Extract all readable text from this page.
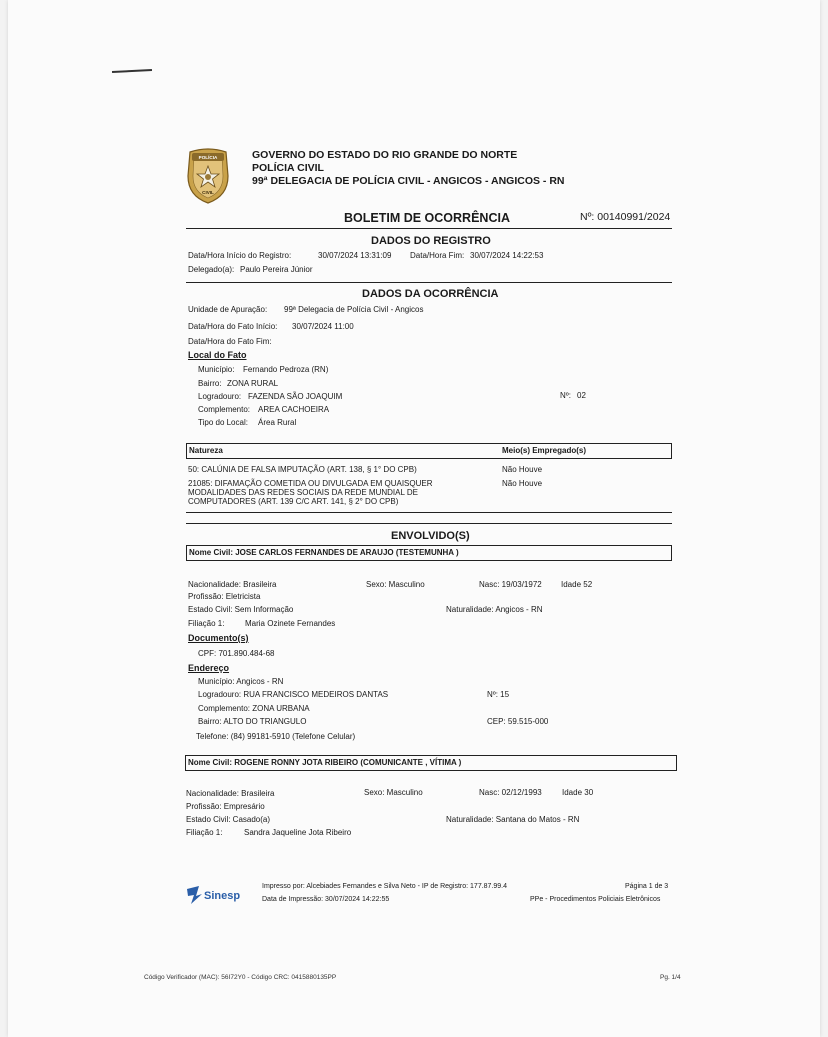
POLÍCIA
CIVIL
GOVERNO DO ESTADO DO RIO GRANDE DO NORTE
POLÍCIA CIVIL
99ª DELEGACIA DE POLÍCIA CIVIL - ANGICOS - ANGICOS - RN
BOLETIM DE OCORRÊNCIA	Nº: 00140991/2024
DADOS DO REGISTRO
Data/Hora Início do Registro:	30/07/2024 13:31:09 Data/Hora Fim: 30/07/2024 14:22:53
Delegado(a): Paulo Pereira Júnior
DADOS DA OCORRÊNCIA
Unidade de Apuração: 99ª Delegacia de Polícia Civil - Angicos
Data/Hora do Fato Início: 30/07/2024 11:00
Data/Hora do Fato Fim:
Local do Fato
Município: Fernando Pedroza (RN)
Bairro: ZONA RURAL
Logradouro: FAZENDA SÃO JOAQUIM	Nº: 02
Complemento: AREA CACHOEIRA
Tipo do Local: Área Rural
Natureza	Meio(s) Empregado(s)
50: CALÚNIA DE FALSA IMPUTAÇÃO (ART. 138, § 1° DO CPB)	Não Houve
21085: DIFAMAÇÃO COMETIDA OU DIVULGADA EM QUAISQUER
MODALIDADES DAS REDES SOCIAIS DA REDE MUNDIAL DE
COMPUTADORES (ART. 139 C/C ART. 141, § 2° DO CPB)
Não Houve
ENVOLVIDO(S)
Nome Civil: JOSE CARLOS FERNANDES DE ARAUJO (TESTEMUNHA )
Nacionalidade: Brasileira	Sexo: Masculino	Nasc: 19/03/1972 Idade 52
Profissão: Eletricista
Estado Civil: Sem Informação	Naturalidade: Angicos - RN
Filiação 1:	Maria Ozinete Fernandes
Documento(s)
CPF: 701.890.484-68
Endereço
Município: Angicos - RN
Logradouro: RUA FRANCISCO MEDEIROS DANTAS	Nº: 15
Complemento: ZONA URBANA
Bairro: ALTO DO TRIANGULO	CEP: 59.515-000
Telefone: (84) 99181-5910 (Telefone Celular)
Nome Civil: ROGENE RONNY JOTA RIBEIRO (COMUNICANTE , VÍTIMA )
Nacionalidade: Brasileira	Sexo: Masculino	Nasc: 02/12/1993	Idade 30
Profissão: Empresário
Estado Civil: Casado(a)	Naturalidade: Santana do Matos - RN
Filiação 1:	Sandra Jaqueline Jota Ribeiro
Sinesp
Impresso por: Alcebiades Fernandes e Silva Neto - IP de Registro: 177.87.99.4
Data de Impressão: 30/07/2024 14:22:55
Página 1 de 3
PPe - Procedimentos Policiais Eletrônicos
Código Verificador (MAC): 56I72Y0 - Código CRC: 0415880135PP	Pg. 1/4
